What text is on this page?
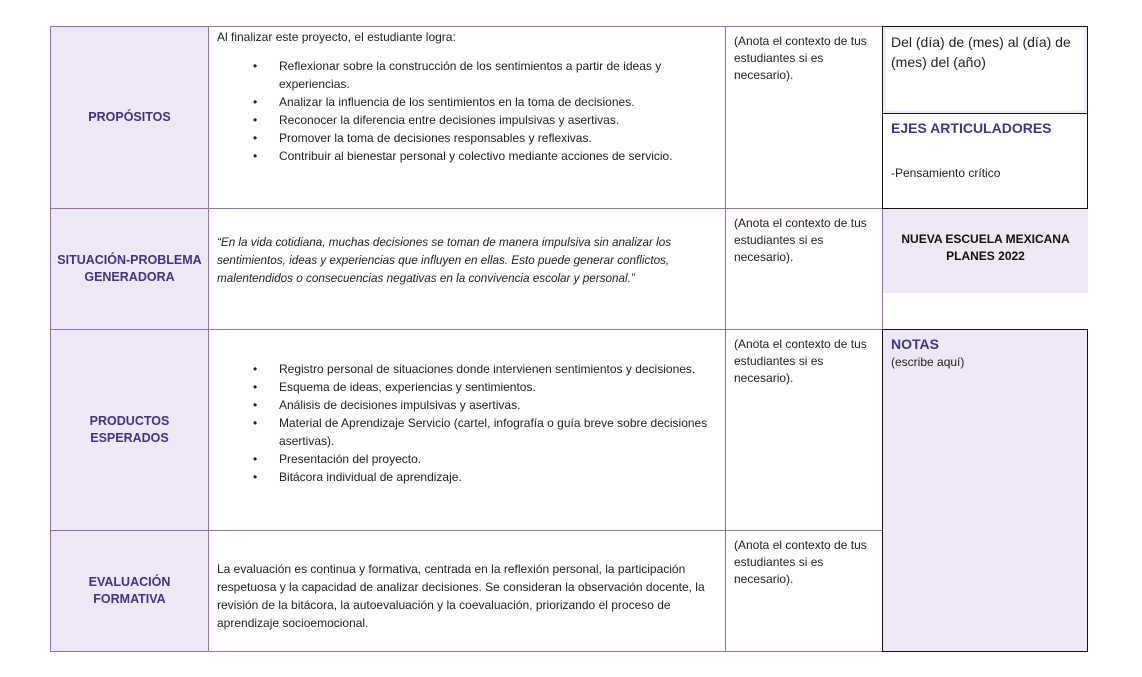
PROPÓSITOS
Al finalizar este proyecto, el estudiante logra:
• Reflexionar sobre la construcción de los sentimientos a partir de ideas y experiencias.
• Analizar la influencia de los sentimientos en la toma de decisiones.
• Reconocer la diferencia entre decisiones impulsivas y asertivas.
• Promover la toma de decisiones responsables y reflexivas.
• Contribuir al bienestar personal y colectivo mediante acciones de servicio.
(Anota el contexto de tus estudiantes si es necesario).
SITUACIÓN-PROBLEMA GENERADORA
“En la vida cotidiana, muchas decisiones se toman de manera impulsiva sin analizar los sentimientos, ideas y experiencias que influyen en ellas. Esto puede generar conflictos, malentendidos o consecuencias negativas en la convivencia escolar y personal.”
(Anota el contexto de tus estudiantes si es necesario).
PRODUCTOS ESPERADOS
• Registro personal de situaciones donde intervienen sentimientos y decisiones.
• Esquema de ideas, experiencias y sentimientos.
• Análisis de decisiones impulsivas y asertivas.
• Material de Aprendizaje Servicio (cartel, infografía o guía breve sobre decisiones asertivas).
• Presentación del proyecto.
• Bitácora individual de aprendizaje.
(Anota el contexto de tus estudiantes si es necesario).
EVALUACIÓN FORMATIVA
La evaluación es continua y formativa, centrada en la reflexión personal, la participación respetuosa y la capacidad de analizar decisiones. Se consideran la observación docente, la revisión de la bitácora, la autoevaluación y la coevaluación, priorizando el proceso de aprendizaje socioemocional.
(Anota el contexto de tus estudiantes si es necesario).
Del (día) de (mes) al (día) de (mes) del (año)
EJES ARTICULADORES
-Pensamiento crítico
NUEVA ESCUELA MEXICANA
PLANES 2022
NOTAS
(escribe aquí)
